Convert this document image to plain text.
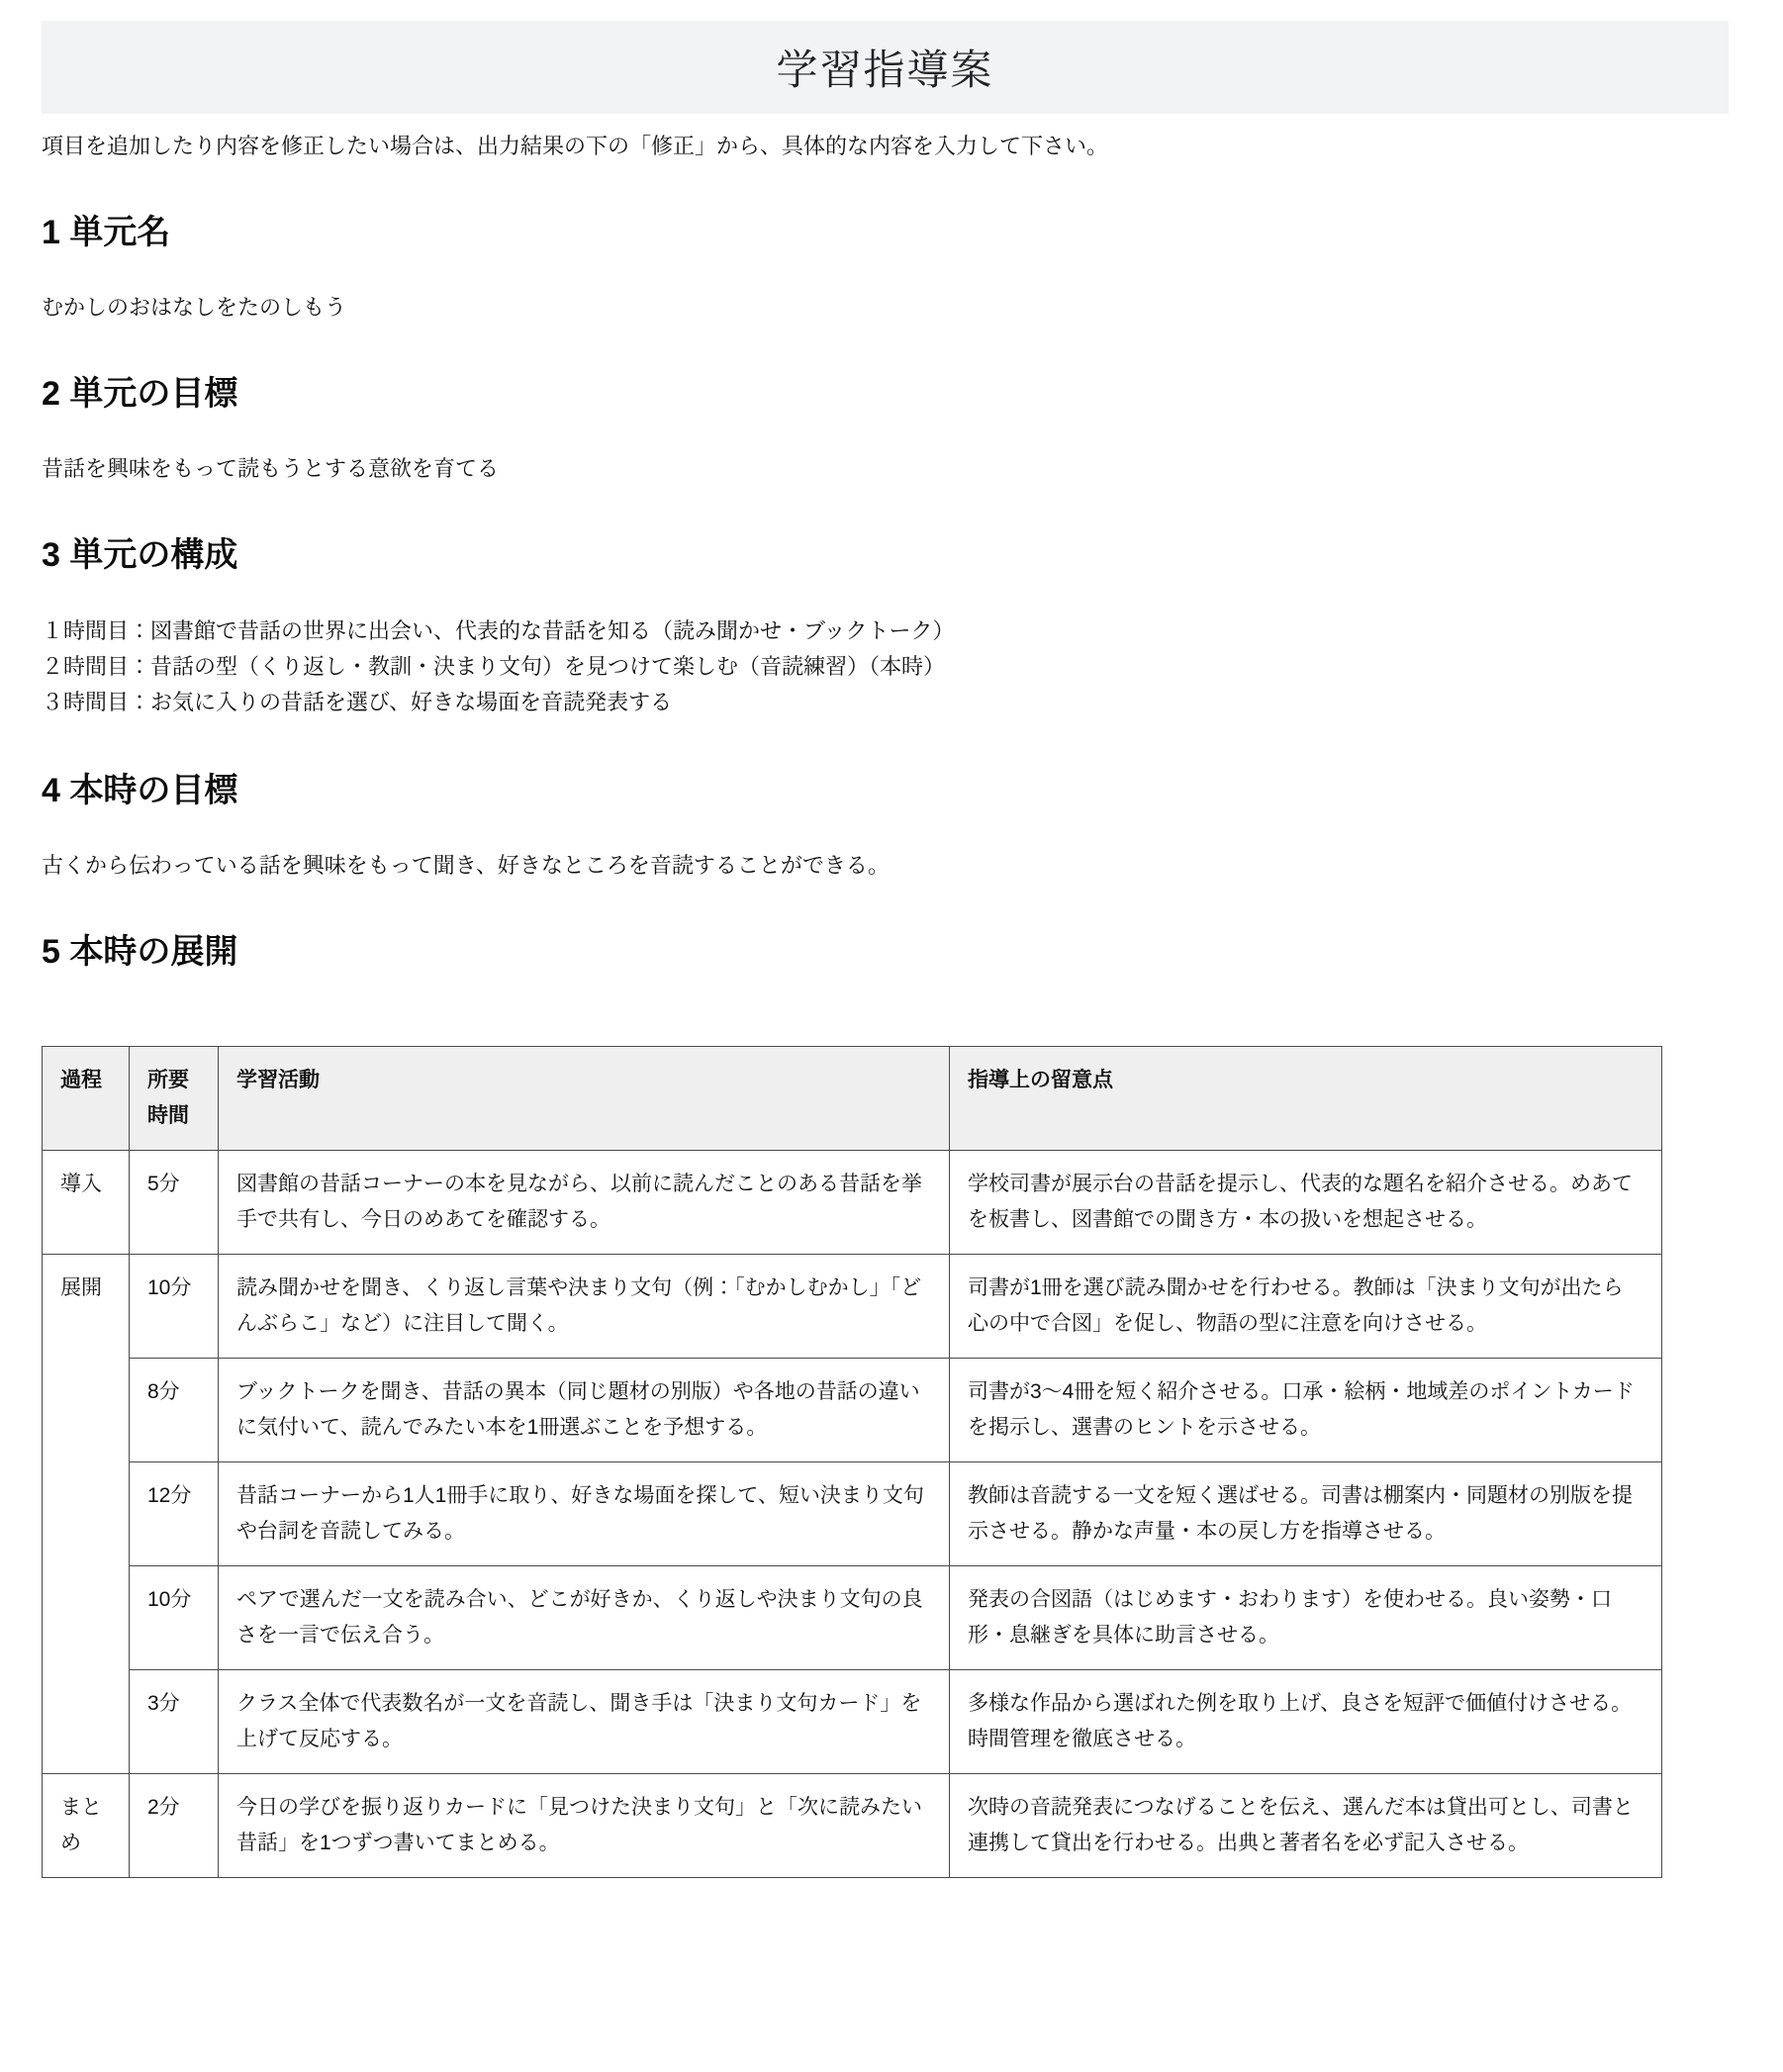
学習指導案

項目を追加したり内容を修正したい場合は、出力結果の下の「修正」から、具体的な内容を入力して下さい。

1 単元名

むかしのおはなしをたのしもう

2 単元の目標

昔話を興味をもって読もうとする意欲を育てる

3 単元の構成

１時間目：図書館で昔話の世界に出会い、代表的な昔話を知る（読み聞かせ・ブックトーク）

２時間目：昔話の型（くり返し・教訓・決まり文句）を見つけて楽しむ（音読練習）（本時）

３時間目：お気に入りの昔話を選び、好きな場面を音読発表する

4 本時の目標

古くから伝わっている話を興味をもって聞き、好きなところを音読することができる。

5 本時の展開
過程	所要時間	学習活動	指導上の留意点
導入	5分	図書館の昔話コーナーの本を見ながら、以前に読んだことのある昔話を挙手で共有し、今日のめあてを確認する。	学校司書が展示台の昔話を提示し、代表的な題名を紹介させる。めあてを板書し、図書館での聞き方・本の扱いを想起させる。
展開	10分	読み聞かせを聞き、くり返し言葉や決まり文句（例：「むかしむかし」「どんぶらこ」など）に注目して聞く。	司書が1冊を選び読み聞かせを行わせる。教師は「決まり文句が出たら心の中で合図」を促し、物語の型に注意を向けさせる。
	8分	ブックトークを聞き、昔話の異本（同じ題材の別版）や各地の昔話の違いに気付いて、読んでみたい本を1冊選ぶことを予想する。	司書が3〜4冊を短く紹介させる。口承・絵柄・地域差のポイントカードを掲示し、選書のヒントを示させる。
	12分	昔話コーナーから1人1冊手に取り、好きな場面を探して、短い決まり文句や台詞を音読してみる。	教師は音読する一文を短く選ばせる。司書は棚案内・同題材の別版を提示させる。静かな声量・本の戻し方を指導させる。
	10分	ペアで選んだ一文を読み合い、どこが好きか、くり返しや決まり文句の良さを一言で伝え合う。	発表の合図語（はじめます・おわります）を使わせる。良い姿勢・口形・息継ぎを具体に助言させる。
	3分	クラス全体で代表数名が一文を音読し、聞き手は「決まり文句カード」を上げて反応する。	多様な作品から選ばれた例を取り上げ、良さを短評で価値付けさせる。時間管理を徹底させる。
まとめ	2分	今日の学びを振り返りカードに「見つけた決まり文句」と「次に読みたい昔話」を1つずつ書いてまとめる。	次時の音読発表につなげることを伝え、選んだ本は貸出可とし、司書と連携して貸出を行わせる。出典と著者名を必ず記入させる。
